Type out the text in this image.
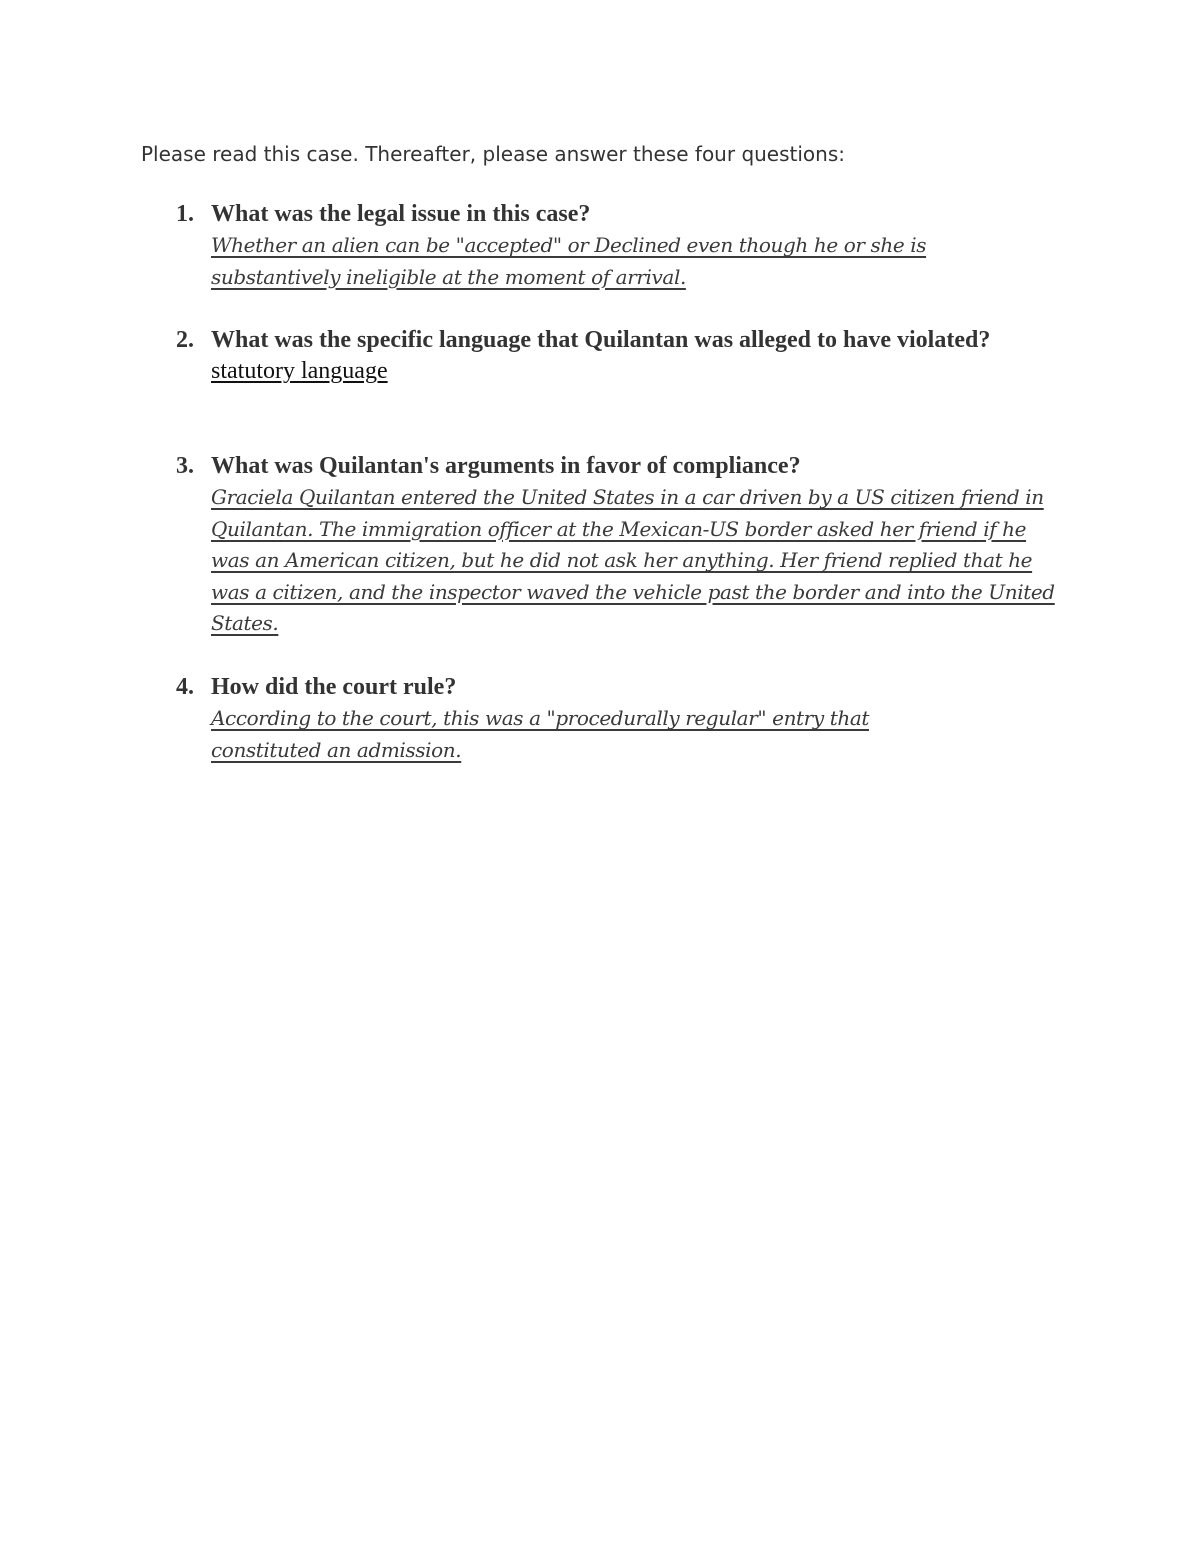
Please read this case. Thereafter, please answer these four questions:
1. What was the legal issue in this case?
Whether an alien can be "accepted" or Declined even though he or she is substantively ineligible at the moment of arrival.
2. What was the specific language that Quilantan was alleged to have violated?
statutory language
3. What was Quilantan's arguments in favor of compliance?
Graciela Quilantan entered the United States in a car driven by a US citizen friend in Quilantan. The immigration officer at the Mexican-US border asked her friend if he was an American citizen, but he did not ask her anything. Her friend replied that he was a citizen, and the inspector waved the vehicle past the border and into the United States.
4. How did the court rule?
According to the court, this was a "procedurally regular" entry that constituted an admission.
